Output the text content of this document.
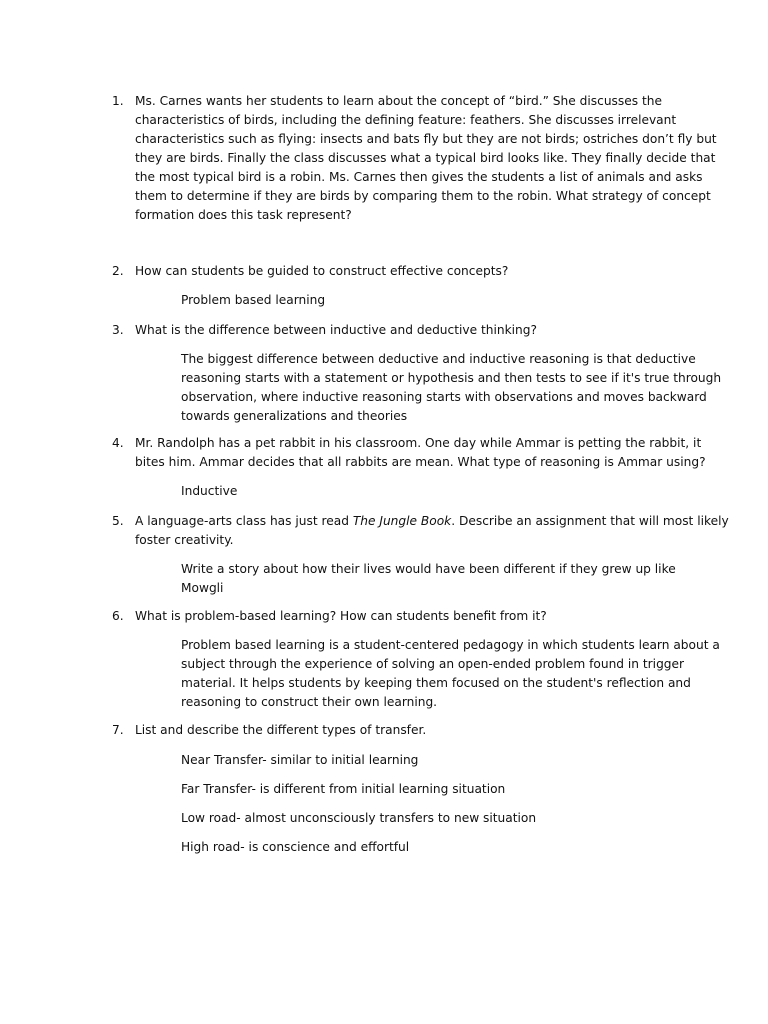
1. Ms. Carnes wants her students to learn about the concept of “bird.” She discusses the
characteristics of birds, including the defining feature: feathers. She discusses irrelevant
characteristics such as flying: insects and bats fly but they are not birds; ostriches don’t fly but
they are birds. Finally the class discusses what a typical bird looks like. They finally decide that
the most typical bird is a robin. Ms. Carnes then gives the students a list of animals and asks
them to determine if they are birds by comparing them to the robin. What strategy of concept
formation does this task represent?
2. How can students be guided to construct effective concepts?
Problem based learning
3. What is the difference between inductive and deductive thinking?
The biggest difference between deductive and inductive reasoning is that deductive
reasoning starts with a statement or hypothesis and then tests to see if it's true through
observation, where inductive reasoning starts with observations and moves backward
towards generalizations and theories
4. Mr. Randolph has a pet rabbit in his classroom. One day while Ammar is petting the rabbit, it
bites him. Ammar decides that all rabbits are mean. What type of reasoning is Ammar using?
Inductive
5. A language-arts class has just read The Jungle Book. Describe an assignment that will most likely
foster creativity.
Write a story about how their lives would have been different if they grew up like
Mowgli
6. What is problem-based learning? How can students benefit from it?
Problem based learning is a student-centered pedagogy in which students learn about a
subject through the experience of solving an open-ended problem found in trigger
material. It helps students by keeping them focused on the student's reflection and
reasoning to construct their own learning.
7. List and describe the different types of transfer.
Near Transfer- similar to initial learning
Far Transfer- is different from initial learning situation
Low road- almost unconsciously transfers to new situation
High road- is conscience and effortful
